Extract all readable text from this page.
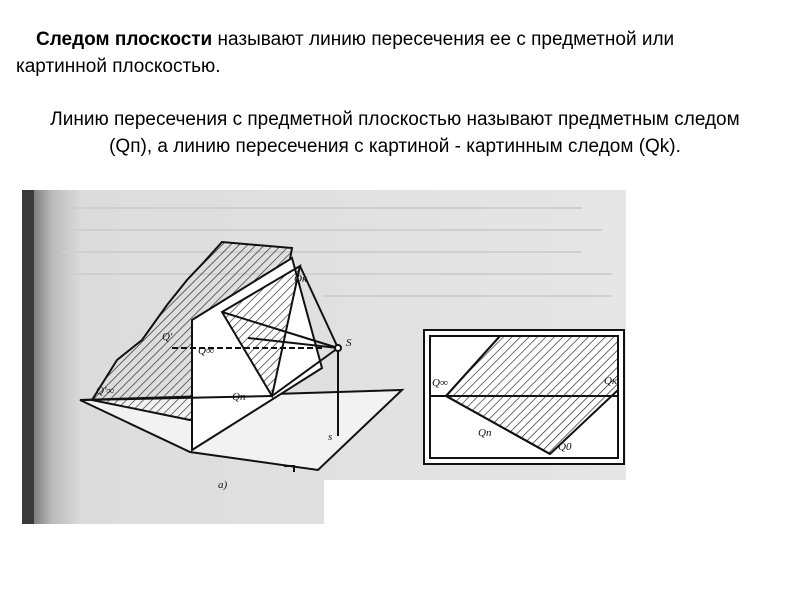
Следом плоскости называют линию пересечения ее с предметной или картинной плоскостью.
Линию пересечения с предметной плоскостью называют предметным следом (Qп), а линию пересечения с картиной - картинным следом (Qk).
Qк
Q'
Q'∞
Q∞
Qп
S
s
а)
Q∞	Qк
Qп
Q0
